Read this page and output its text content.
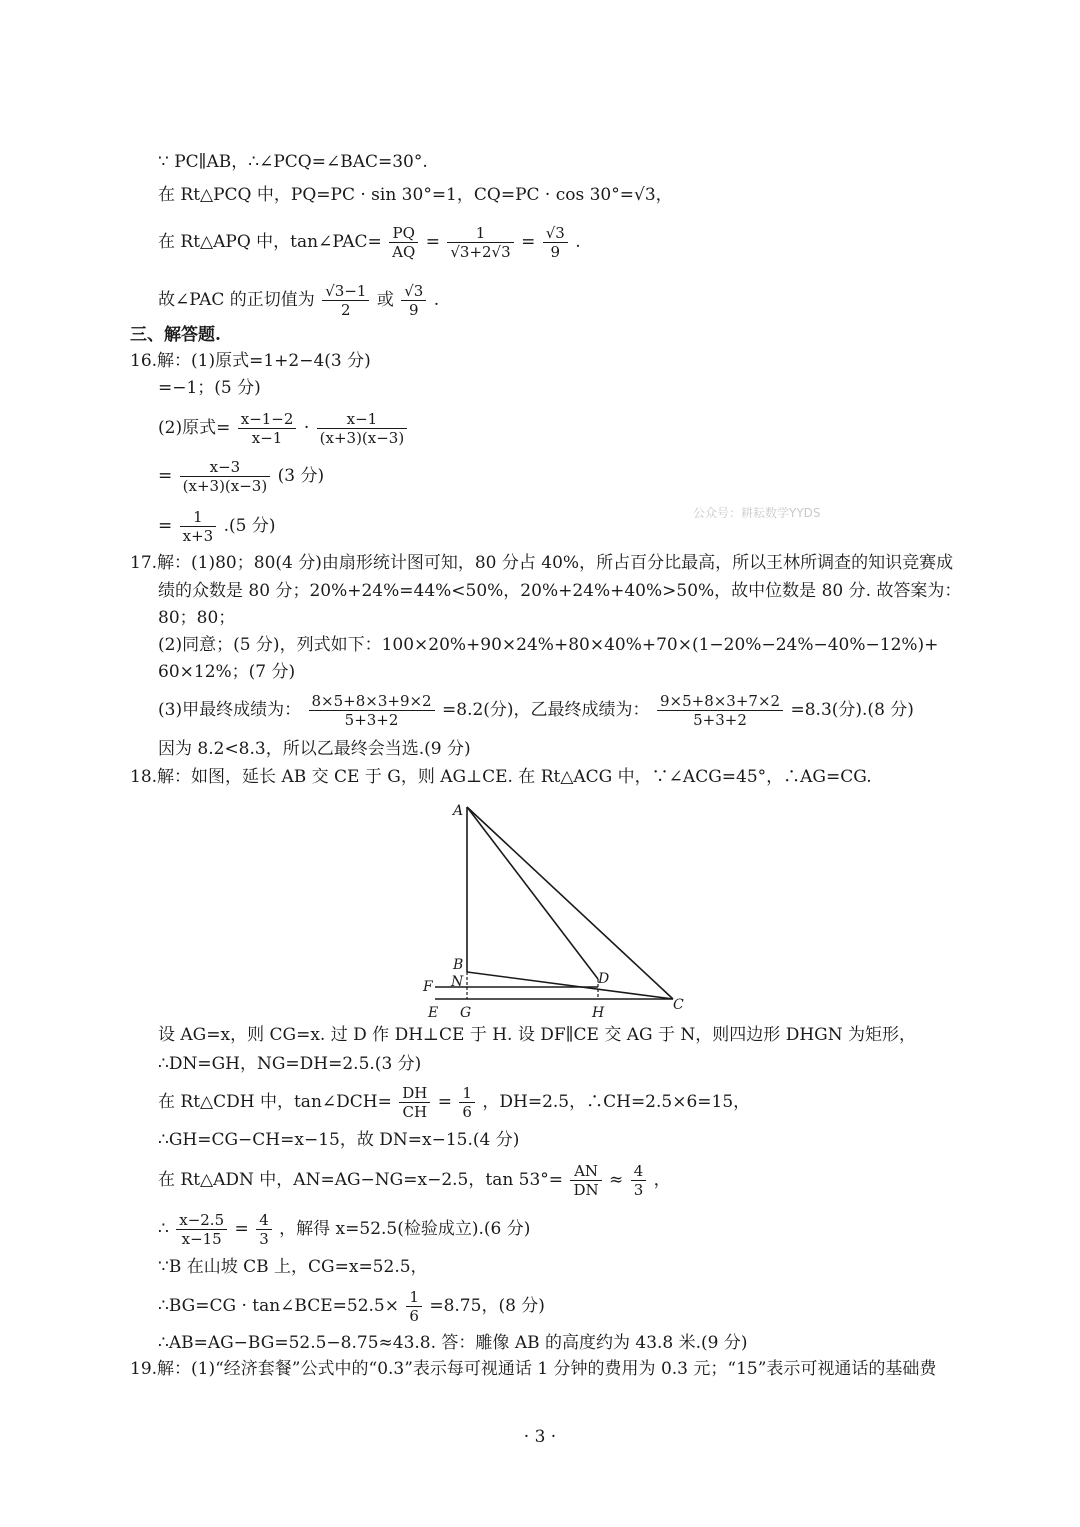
∵ PC∥AB，∴∠PCQ=∠BAC=30°.
在 Rt△PCQ 中，PQ=PC · sin 30°=1，CQ=PC · cos 30°=√3，
在 Rt△APQ 中，tan∠PAC= $\frac{PQ}{AQ} = \frac{1}{√3+2√3} = \frac{√3}{9}$ .
故∠PAC 的正切值为 $\frac{√3-1}{2}$ 或 $\frac{√3}{9}$ .
三、解答题.
16.解：(1)原式=1+2−4(3 分)
=−1；(5 分)
(2)原式= $\frac{x-1-2}{x-1} \cdot \frac{x-1}{(x+3)(x-3)}$
= $\frac{x-3}{(x+3)(x-3)} (3$ 分)
= $\frac{1}{x+3} .(5$ 分)
公众号：耕耘数学YYDS
17.解：(1)80；80(4 分)由扇形统计图可知，80 分占 40%，所占百分比最高，所以王林所调查的知识竞赛成
绩的众数是 80 分；20%+24%=44%<50%，20%+24%+40%>50%，故中位数是 80 分. 故答案为：
80；80；
(2)同意；(5 分)，列式如下：100×20%+90×24%+80×40%+70×(1−20%−24%−40%−12%)+
60×12%；(7 分)
(3)甲最终成绩为： $\frac{8\times 5+8\times 3+9\times 2}{5+3+2} =8.2$(分)，乙最终成绩为： $\frac{9\times 5+8\times 3+7\times 2}{5+3+2} =8.3$(分).(8 分)
因为 8.2<8.3，所以乙最终会当选.(9 分)
18.解：如图，延长 AB 交 CE 于 G，则 AG⊥CE. 在 Rt△ACG 中，∵∠ACG=45°，∴AG=CG.
A
B
N
F	D
E G	H	C
设 AG=x，则 CG=x. 过 D 作 DH⊥CE 于 H. 设 DF∥CE 交 AG 于 N，则四边形 DHGN 为矩形，
∴DN=GH，NG=DH=2.5.(3 分)
在 Rt△CDH 中，tan∠DCH= $\frac{DH}{CH} = \frac{1}{6}$ ，DH=2.5，∴CH=2.5×6=15，
∴GH=CG−CH=x−15，故 DN=x−15.(4 分)
在 Rt△ADN 中，AN=AG−NG=x−2.5，$\tan 53^\circ= \frac{AN}{DN} \approx \frac{4}{3}$ ，
∴ $\frac{x-2.5}{x-15} = \frac{4}{3}$ ，解得 x=52.5(检验成立).(6 分)
∵B 在山坡 CB 上，CG=x=52.5，
∴BG=CG · tan∠BCE=52.5× $\frac{1}{6} =8.75$，(8 分)
∴AB=AG−BG=52.5−8.75≈43.8. 答：雕像 AB 的高度约为 43.8 米.(9 分)
19.解：(1)“经济套餐”公式中的“0.3”表示每可视通话 1 分钟的费用为 0.3 元；“15”表示可视通话的基础费
· 3 ·
